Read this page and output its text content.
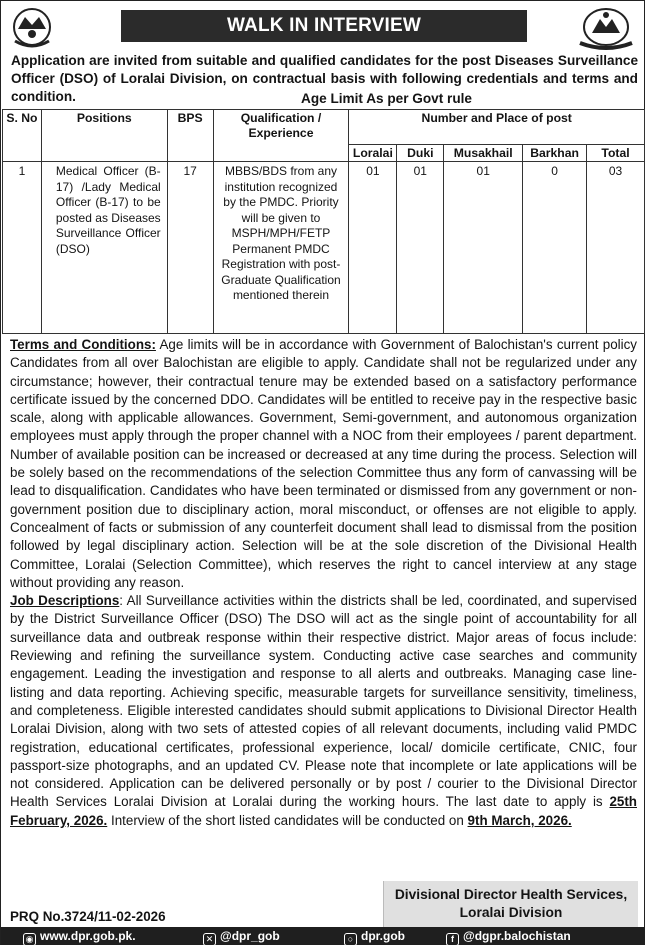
WALK IN INTERVIEW

Application are invited from suitable and qualified candidates for the post Diseases Surveillance Officer (DSO) of Loralai Division, on contractual basis with following credentials and terms and condition.	Age Limit As per Govt rule
S. No	Positions	BPS	Qualification / Experience	Number and Place of post				
				Loralai	Duki	Musakhail	Barkhan	Total
1	Medical Officer (B-17) /Lady Medical Officer (B-17) to be posted as Diseases Surveillance Officer (DSO)	17	MBBS/BDS from any institution recognized by the PMDC. Priority will be given to MSPH/MPH/FETP Permanent PMDC Registration with post- Graduate Qualification mentioned therein	01	01	01	0	03

Terms and Conditions: Age limits will be in accordance with Government of Balochistan's current policy Candidates from all over Balochistan are eligible to apply. Candidate shall not be regularized under any circumstance; however, their contractual tenure may be extended based on a satisfactory performance certificate issued by the concerned DDO. Candidates will be entitled to receive pay in the respective basic scale, along with applicable allowances. Government, Semi-government, and autonomous organization employees must apply through the proper channel with a NOC from their employees / parent department. Number of available position can be increased or decreased at any time during the process. Selection will be solely based on the recommendations of the selection Committee thus any form of canvassing will be lead to disqualification. Candidates who have been terminated or dismissed from any government or non-government position due to disciplinary action, moral misconduct, or offenses are not eligible to apply. Concealment of facts or submission of any counterfeit document shall lead to dismissal from the position followed by legal disciplinary action. Selection will be at the sole discretion of the Divisional Health Committee, Loralai (Selection Committee), which reserves the right to cancel interview at any stage without providing any reason.

Job Descriptions: All Surveillance activities within the districts shall be led, coordinated, and supervised by the District Surveillance Officer (DSO) The DSO will act as the single point of accountability for all surveillance data and outbreak response within their respective district. Major areas of focus include: Reviewing and refining the surveillance system. Conducting active case searches and community engagement. Leading the investigation and response to all alerts and outbreaks. Managing case line-listing and data reporting. Achieving specific, measurable targets for surveillance sensitivity, timeliness, and completeness. Eligible interested candidates should submit applications to Divisional Director Health Loralai Division, along with two sets of attested copies of all relevant documents, including valid PMDC registration, educational certificates, professional experience, local/ domicile certificate, CNIC, four passport-size photographs, and an updated CV. Please note that incomplete or late applications will be not considered. Application can be delivered personally or by post / courier to the Divisional Director Health Services Loralai Division at Loralai during the working hours. The last date to apply is 25th February, 2026. Interview of the short listed candidates will be conducted on 9th March, 2026.

PRQ No.3724/11-02-2026
Divisional Director Health Services,
Loralai Division
◉ www.dpr.gob.pk.	✕ @dpr_gob	○ dpr.gob	f @dgpr.balochistan
